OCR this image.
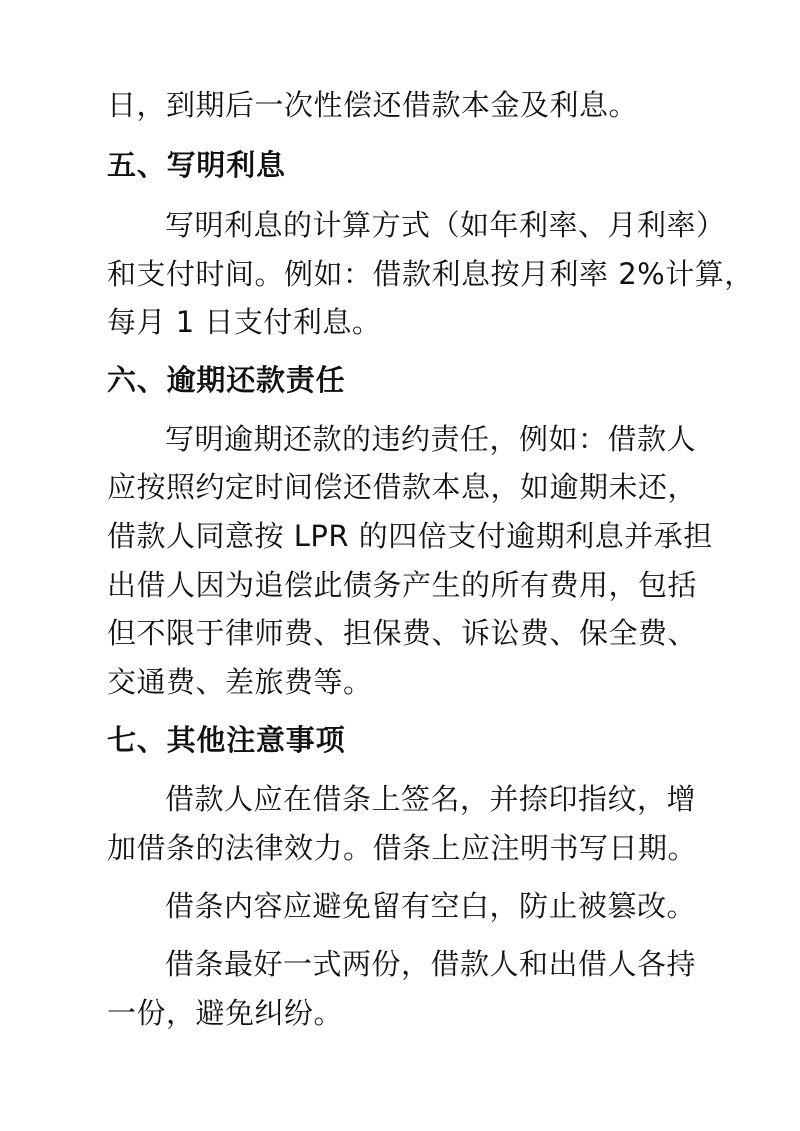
日，到期后一次性偿还借款本金及利息。
五、写明利息
写明利息的计算方式（如年利率、月利率）
和支付时间。例如：借款利息按月利率 2%计算，
每月 1 日支付利息。
六、逾期还款责任
写明逾期还款的违约责任，例如：借款人
应按照约定时间偿还借款本息，如逾期未还，
借款人同意按 LPR 的四倍支付逾期利息并承担
出借人因为追偿此债务产生的所有费用，包括
但不限于律师费、担保费、诉讼费、保全费、
交通费、差旅费等。
七、其他注意事项
借款人应在借条上签名，并捺印指纹，增
加借条的法律效力。借条上应注明书写日期。
借条内容应避免留有空白，防止被篡改。
借条最好一式两份，借款人和出借人各持
一份，避免纠纷。
